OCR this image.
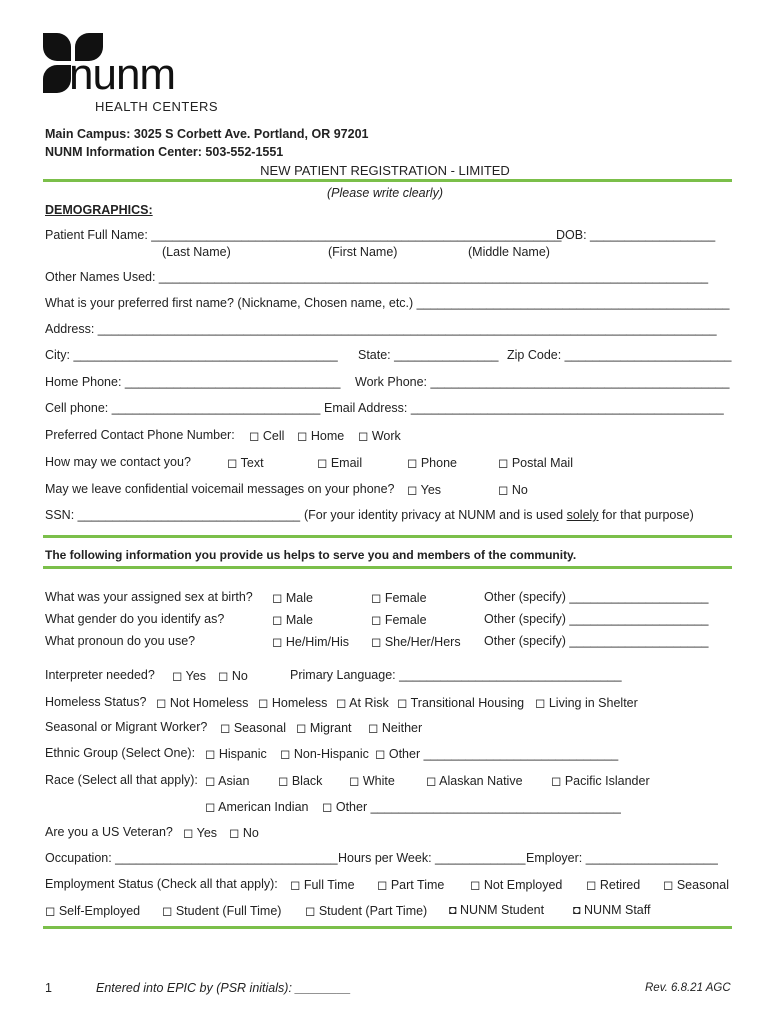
nunm
HEALTH CENTERS
Main Campus: 3025 S Corbett Ave. Portland, OR 97201
NUNM Information Center: 503-552-1551
NEW PATIENT REGISTRATION - LIMITED
(Please write clearly)
DEMOGRAPHICS:
Patient Full Name: ___________________________________________________________
DOB: __________________
(Last Name)	(First Name)	(Middle Name)
Other Names Used: _______________________________________________________________________________
What is your preferred first name? (Nickname, Chosen name, etc.) _____________________________________________
Address: _________________________________________________________________________________________
City: ______________________________________ State: _______________ Zip Code: ________________________
Home Phone: _______________________________ Work Phone: ___________________________________________
Cell phone: ______________________________ Email Address: _____________________________________________
Preferred Contact Phone Number: ◻ Cell ◻ Home ◻ Work
How may we contact you?	◻ Text	◻ Email	◻ Phone	◻ Postal Mail
May we leave confidential voicemail messages on your phone? ◻ Yes	◻ No
SSN: ________________________________ (For your identity privacy at NUNM and is used solely for that purpose)
The following information you provide us helps to serve you and members of the community.
What was your assigned sex at birth? ◻ Male	◻ Female	Other (specify) ____________________
What gender do you identify as?	◻ Male	◻ Female	Other (specify) ____________________
What pronoun do you use?	◻ He/Him/His ◻ She/Her/Hers Other (specify) ____________________
Interpreter needed? ◻ Yes ◻ No	Primary Language: ________________________________
Homeless Status? ◻ Not Homeless ◻ Homeless ◻ At Risk ◻ Transitional Housing ◻ Living in Shelter
Seasonal or Migrant Worker? ◻ Seasonal ◻ Migrant ◻ Neither
Ethnic Group (Select One): ◻ Hispanic ◻ Non-Hispanic ◻ Other ____________________________
Race (Select all that apply): ◻ Asian ◻ Black ◻ White ◻ Alaskan Native ◻ Pacific Islander
◻ American Indian ◻ Other ____________________________________
Are you a US Veteran? ◻ Yes ◻ No
Occupation: ________________________________ Hours per Week: _____________ Employer: ___________________
Employment Status (Check all that apply): ◻ Full Time ◻ Part Time ◻ Not Employed ◻ Retired ◻ Seasonal
◻ Self-Employed ◻ Student (Full Time) ◻ Student (Part Time) ◘ NUNM Student ◘ NUNM Staff
1	Entered into EPIC by (PSR initials): ________	Rev. 6.8.21 AGC
